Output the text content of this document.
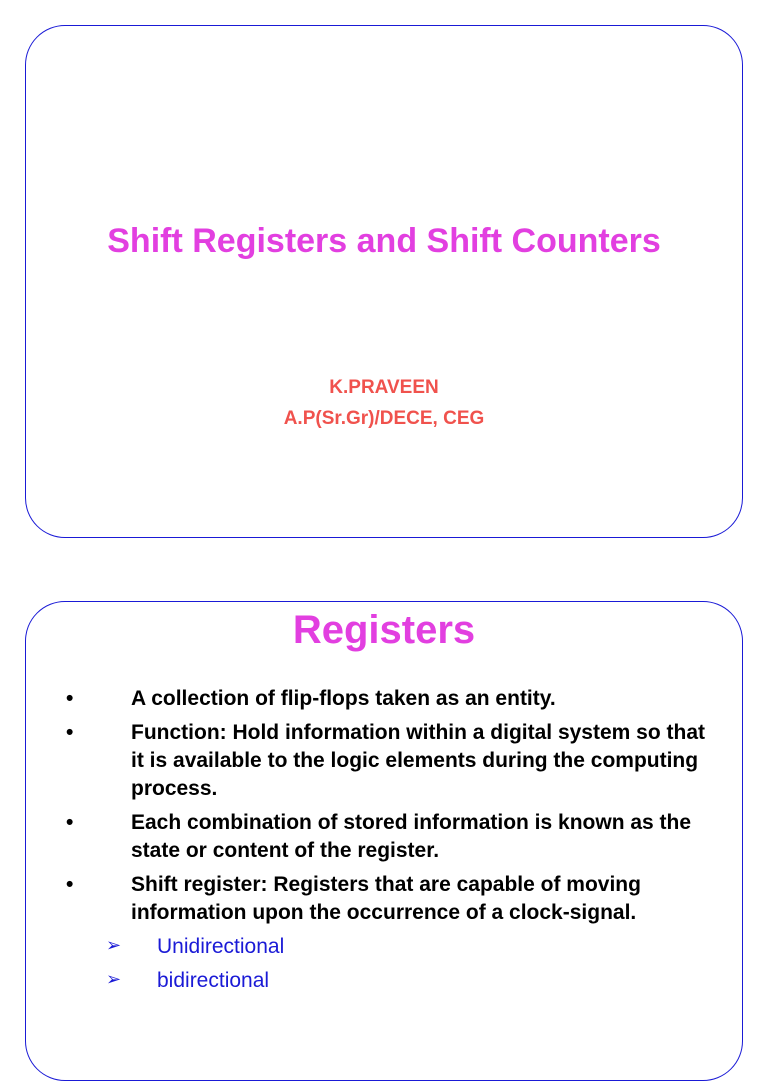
Shift Registers and Shift Counters
K.PRAVEEN
A.P(Sr.Gr)/DECE, CEG
Registers
•	A collection of flip-flops taken as an entity.
•	Function: Hold information within a digital system so that it is available to the logic elements during the computing process.
•	Each combination of stored information is known as the state or content of the register.
•	Shift register: Registers that are capable of moving information upon the occurrence of a clock-signal.
➢ Unidirectional
➢ bidirectional
